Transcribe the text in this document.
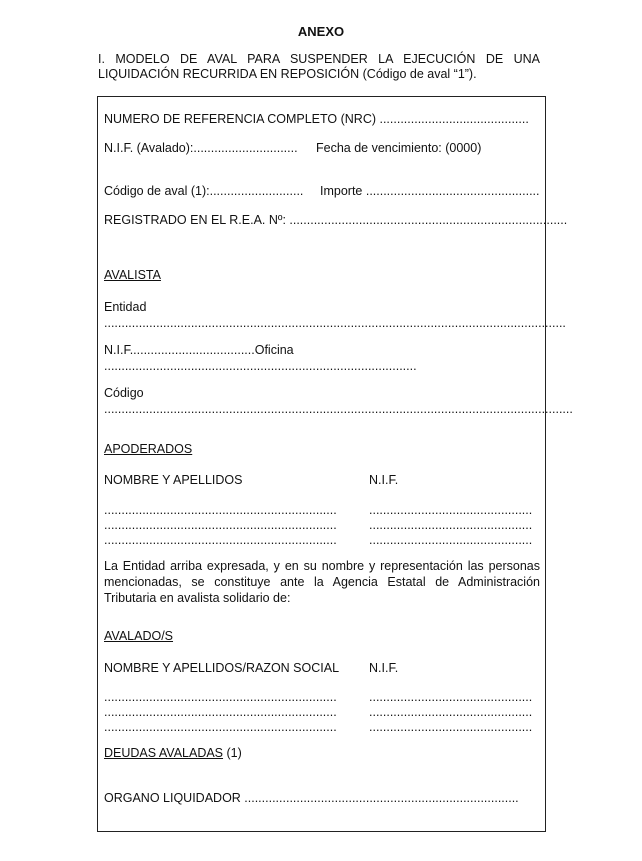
ANEXO
I. MODELO DE AVAL PARA SUSPENDER LA EJECUCIÓN DE UNA LIQUIDACIÓN RECURRIDA EN REPOSICIÓN (Código de aval “1”).
NUMERO DE REFERENCIA COMPLETO (NRC) ...........................................
N.I.F. (Avalado):.............................. Fecha de vencimiento: (0000)
Código de aval (1):........................... Importe ..................................................
REGISTRADO EN EL R.E.A. Nº: ................................................................................
AVALISTA
Entidad
.....................................................................................................................................
N.I.F....................................Oficina
..........................................................................................
Código
.......................................................................................................................................
APODERADOS
NOMBRE Y APELLIDOS	N.I.F.
...................................................................
...................................................................
...................................................................
...............................................
...............................................
...............................................
La Entidad arriba expresada, y en su nombre y representación las personas mencionadas, se constituye ante la Agencia Estatal de Administración Tributaria en avalista solidario de:
AVALADO/S
NOMBRE Y APELLIDOS/RAZON SOCIAL N.I.F.
...................................................................
...................................................................
...................................................................
...............................................
...............................................
...............................................
DEUDAS AVALADAS (1)
ORGANO LIQUIDADOR ...............................................................................
